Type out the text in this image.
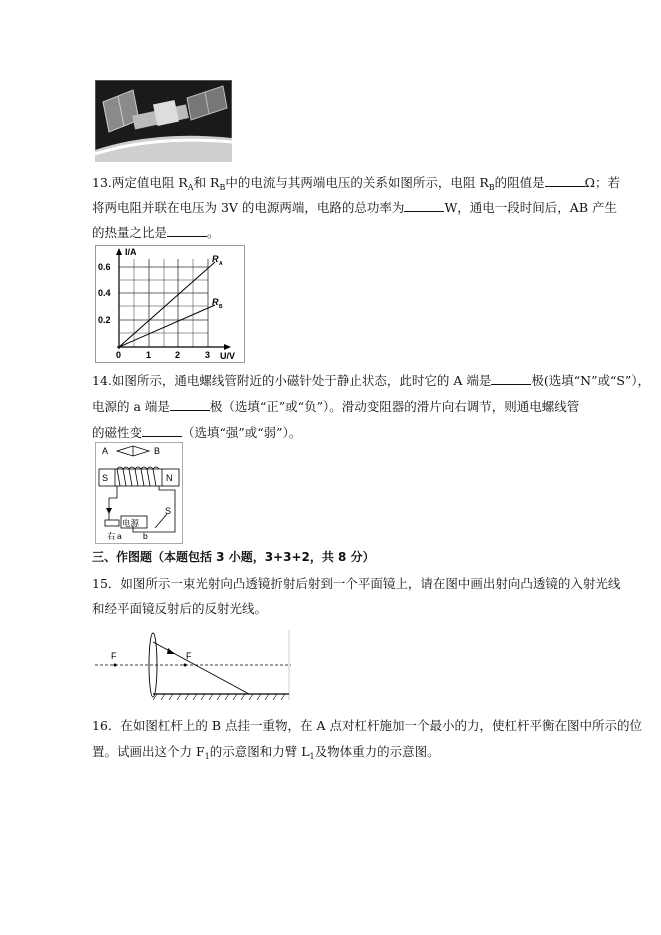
13.两定值电阻 $R_A$和 $R_B$中的电流与其两端电压的关系如图所示，电阻 $R_B$的阻值是	Ω；若
将两电阻并联在电压为 3V 的电源两端，电路的总功率为	W，通电一段时间后，AB 产生
的热量之比是	。
I/A
U/V
0.6
0.4
0.2
0	1	2	3
R A
R B
14.如图所示，通电螺线管附近的小磁针处于静止状态，此时它的 A 端是	极(选填“N”或“S”），
电源的 a 端是	极（选填“正”或“负”）。滑动变阻器的滑片向右调节，则通电螺线管
的磁性变	（选填“强”或“弱”）。
A	B
S	N
电源
S
右 a	b
三、作图题（本题包括 3 小题，3+3+2，共 8 分）
15．如图所示一束光射向凸透镜折射后射到一个平面镜上，请在图中画出射向凸透镜的入射光线
和经平面镜反射后的反射光线。
F	F
16．在如图杠杆上的 B 点挂一重物，在 A 点对杠杆施加一个最小的力，使杠杆平衡在图中所示的位
置。试画出这个力 $F_1$的示意图和力臂 $L_1$及物体重力的示意图。
